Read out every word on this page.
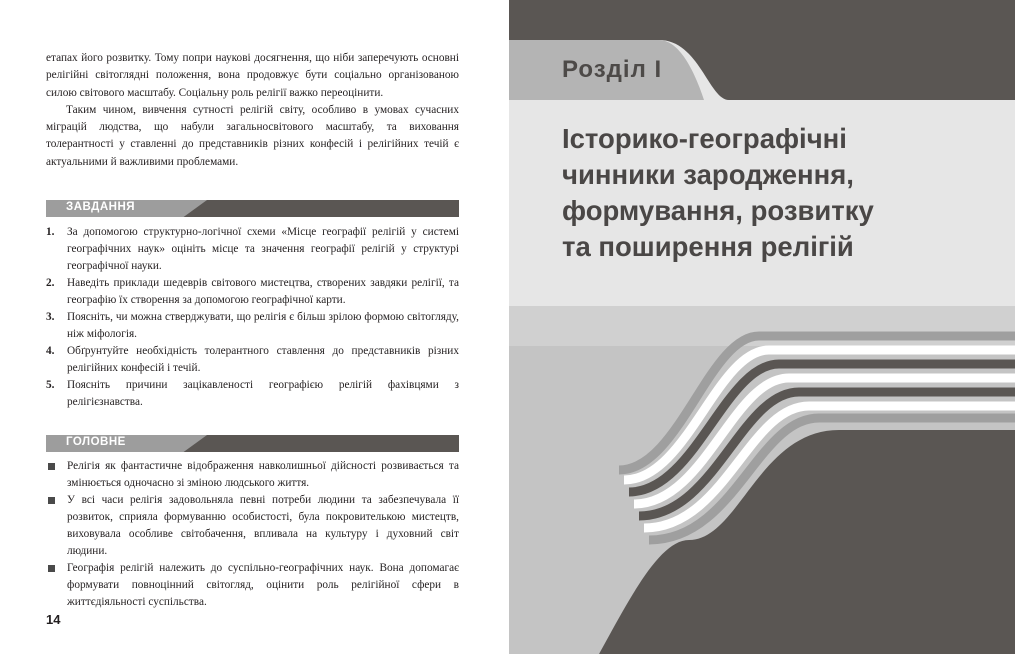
етапах його розвитку. Тому попри наукові досягнення, що ніби заперечують основні релігійні світоглядні положення, вона продовжує бути соціально організованою силою світового масштабу. Соціальну роль релігії важко переоцінити.

Таким чином, вивчення сутності релігій світу, особливо в умовах сучасних міграцій людства, що набули загальносвітового масштабу, та виховання толерантності у ставленні до представників різних конфесій і релігійних течій є актуальними й важливими проблемами.

ЗАВДАННЯ
1. За допомогою структурно-логічної схеми «Місце географії релігій у системі географічних наук» оцініть місце та значення географії релігій у структурі географічної науки.
2. Наведіть приклади шедеврів світового мистецтва, створених завдяки релігії, та географію їх створення за допомогою географічної карти.
3. Поясніть, чи можна стверджувати, що релігія є більш зрілою формою світогляду, ніж міфологія.
4. Обґрунтуйте необхідність толерантного ставлення до представників різних релігійних конфесій і течій.
5. Поясніть причини зацікавленості географією релігій фахівцями з релігієзнавства.
ГОЛОВНЕ
Релігія як фантастичне відображення навколишньої дійсності розвивається та змінюється одночасно зі зміною людського життя.
У всі часи релігія задовольняла певні потреби людини та забезпечувала її розвиток, сприяла формуванню особистості, була покровителькою мистецтв, виховувала особливе світобачення, впливала на культуру і духовний світ людини.
Географія релігій належить до суспільно-географічних наук. Вона допомагає формувати повноцінний світогляд, оцінити роль релігійної сфери в життєдіяльності суспільства.
14
Розділ І
Історико-географічні
чинники зародження,
формування, розвитку
та поширення релігій
